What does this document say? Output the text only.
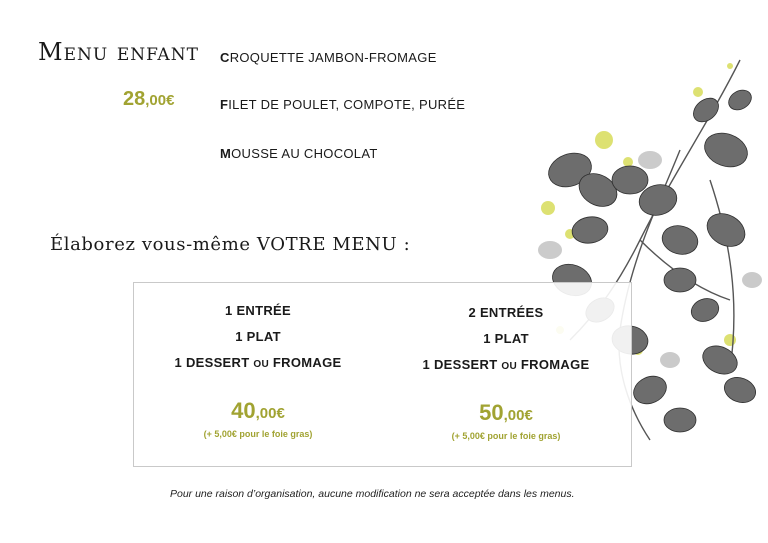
Menu enfant
28,00€
CROQUETTE JAMBON-FROMAGE
FILET DE POULET, COMPOTE, PURÉE
MOUSSE AU CHOCOLAT
Élaborez vous-même VOTRE MENU :
1 ENTRÉE
1 PLAT
1 DESSERT OU FROMAGE
40,00€
(+ 5,00€ pour le foie gras)
2 ENTRÉES
1 PLAT
1 DESSERT OU FROMAGE
50,00€
(+ 5,00€ pour le foie gras)
Pour une raison d’organisation, aucune modification ne sera acceptée dans les menus.
